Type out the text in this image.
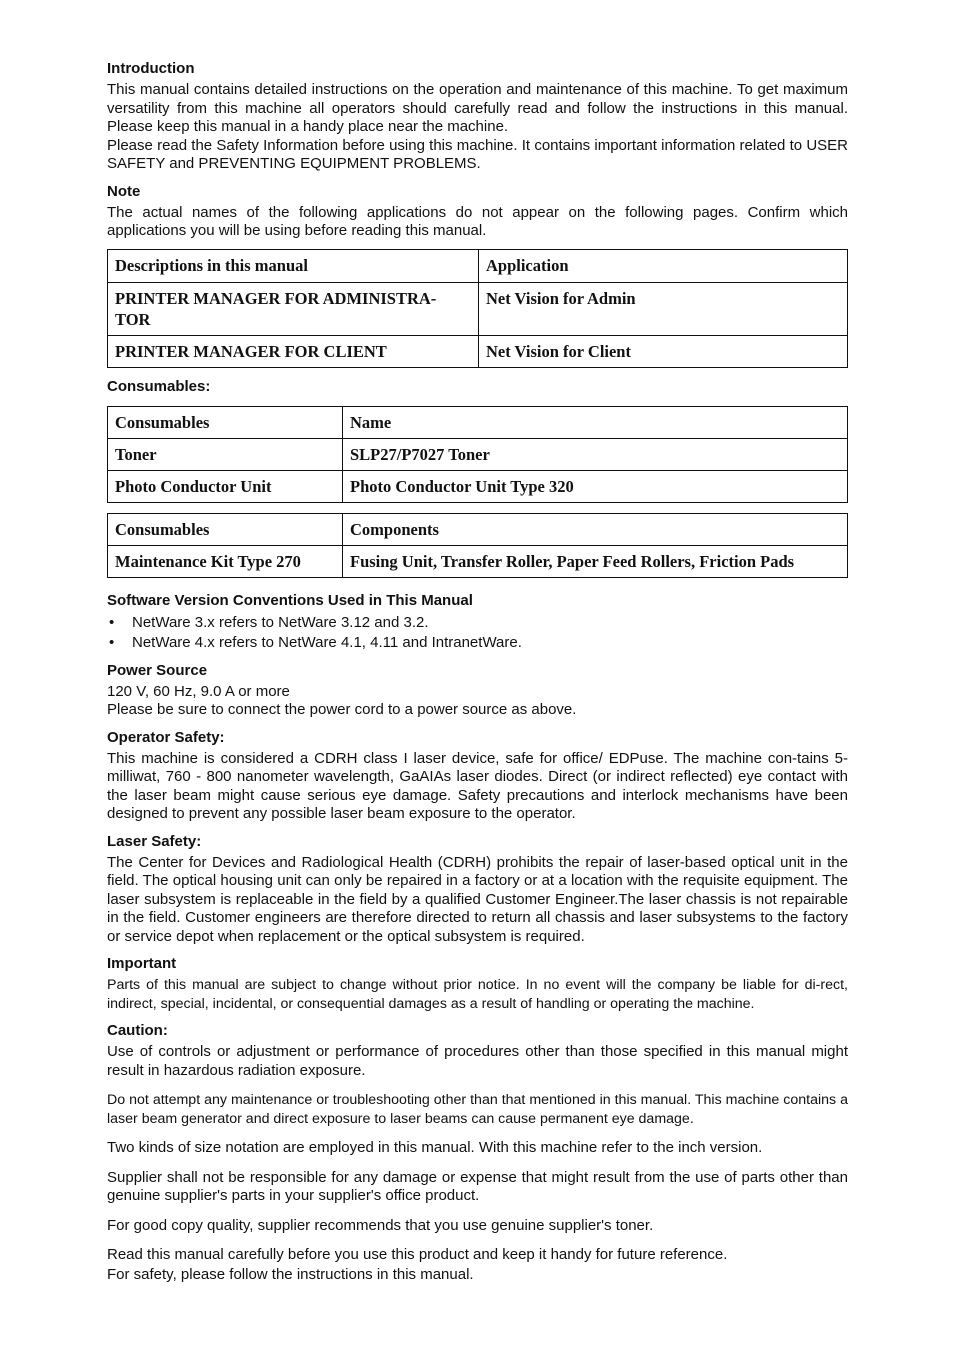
Introduction

This manual contains detailed instructions on the operation and maintenance of this machine. To get maximum versatility from this machine all operators should carefully read and follow the instructions in this manual. Please keep this manual in a handy place near the machine.

Please read the Safety Information before using this machine. It contains important information related to USER SAFETY and PREVENTING EQUIPMENT PROBLEMS.

Note

The actual names of the following applications do not appear on the following pages. Confirm which applications you will be using before reading this manual.

Descriptions in this manual	Application
PRINTER MANAGER FOR ADMINISTRA-TOR	Net Vision for Admin
PRINTER MANAGER FOR CLIENT	Net Vision for Client
Consumables:
Consumables	Name
Toner	SLP27/P7027 Toner
Photo Conductor Unit	Photo Conductor Unit Type 320
Consumables	Components
Maintenance Kit Type 270	Fusing Unit, Transfer Roller, Paper Feed Rollers, Friction Pads
Software Version Conventions Used in This Manual
• NetWare 3.x refers to NetWare 3.12 and 3.2.
• NetWare 4.x refers to NetWare 4.1, 4.11 and IntranetWare.
Power Source

120 V, 60 Hz, 9.0 A or more

Please be sure to connect the power cord to a power source as above.

Operator Safety:

This machine is considered a CDRH class I laser device, safe for office/ EDPuse. The machine con-tains 5-milliwat, 760 - 800 nanometer wavelength, GaAIAs laser diodes. Direct (or indirect reflected) eye contact with the laser beam might cause serious eye damage. Safety precautions and interlock mechanisms have been designed to prevent any possible laser beam exposure to the operator.

Laser Safety:

The Center for Devices and Radiological Health (CDRH) prohibits the repair of laser-based optical unit in the field. The optical housing unit can only be repaired in a factory or at a location with the requisite equipment. The laser subsystem is replaceable in the field by a qualified Customer Engineer.The laser chassis is not repairable in the field. Customer engineers are therefore directed to return all chassis and laser subsystems to the factory or service depot when replacement or the optical subsystem is required.

Important

Parts of this manual are subject to change without prior notice. In no event will the company be liable for di-rect, indirect, special, incidental, or consequential damages as a result of handling or operating the machine.

Caution:

Use of controls or adjustment or performance of procedures other than those specified in this manual might result in hazardous radiation exposure.

Do not attempt any maintenance or troubleshooting other than that mentioned in this manual. This machine contains a laser beam generator and direct exposure to laser beams can cause permanent eye damage.

Two kinds of size notation are employed in this manual. With this machine refer to the inch version.

Supplier shall not be responsible for any damage or expense that might result from the use of parts other than genuine supplier's parts in your supplier's office product.

For good copy quality, supplier recommends that you use genuine supplier's toner.

Read this manual carefully before you use this product and keep it handy for future reference.

For safety, please follow the instructions in this manual.
